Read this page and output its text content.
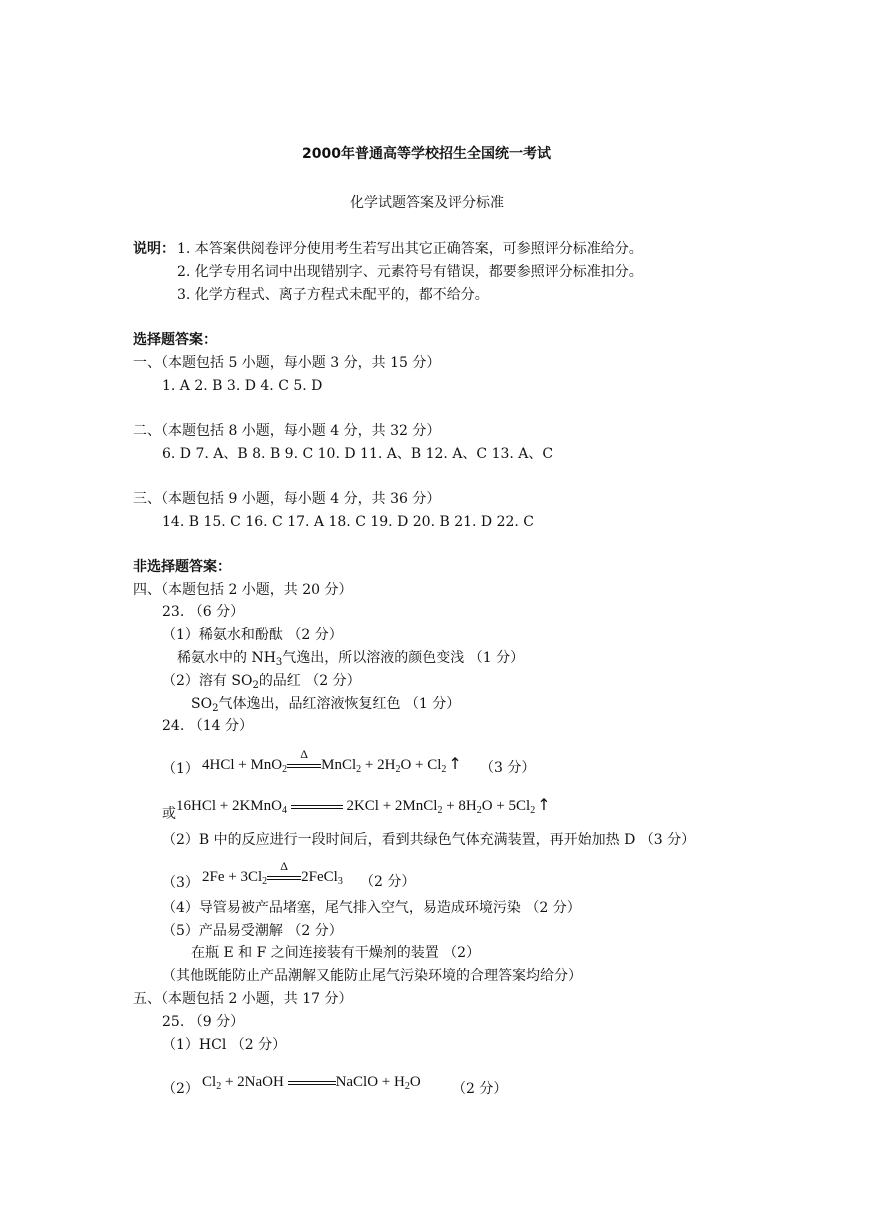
2000年普通高等学校招生全国统一考试
化学试题答案及评分标准
说明： 1. 本答案供阅卷评分使用考生若写出其它正确答案，可参照评分标准给分。
2. 化学专用名词中出现错别字、元素符号有错误，都要参照评分标准扣分。
3. 化学方程式、离子方程式未配平的，都不给分。
选择题答案：
一、（本题包括 5 小题，每小题 3 分，共 15 分）
1. A 2. B 3. D 4. C 5. D
二、（本题包括 8 小题，每小题 4 分，共 32 分）
6. D 7. A、B 8. B 9. C 10. D 11. A、B 12. A、C 13. A、C
三、（本题包括 9 小题，每小题 4 分，共 36 分）
14. B 15. C 16. C 17. A 18. C 19. D 20. B 21. D 22. C
非选择题答案：
四、（本题包括 2 小题，共 20 分）
23. （6 分）
（1）稀氨水和酚酞 （2 分）
稀氨水中的 $NH_3$气逸出，所以溶液的颜色变浅 （1 分）
（2）溶有 $SO_2$的品红 （2 分）
$SO_2$气体逸出，品红溶液恢复红色 （1 分）
24. （14 分）
（1） 4HCl + MnO$_2$
Δ
MnCl$_2$ + $2H_2O + Cl_2$ ↑ （3 分）
或 16HCl + 2KMnO$_4$	2KCl + 2MnCl$_2$ + $8H_2O + 5Cl_2$ ↑
（2）B 中的反应进行一段时间后，看到共绿色气体充满装置，再开始加热 D （3 分）
（3） $2Fe + 3Cl_2$
Δ
2FeCl$_3$ （2 分）
（4）导管易被产品堵塞，尾气排入空气，易造成环境污染 （2 分）
（5）产品易受潮解 （2 分）
在瓶 E 和 F 之间连接装有干燥剂的装置 （2）
（其他既能防止产品潮解又能防止尾气污染环境的合理答案均给分）
五、（本题包括 2 小题，共 17 分）
25. （9 分）
（1）HCl （2 分）
（2） $Cl_2$ + 2NaOH	NaClO + $H_2O$ （2 分）
